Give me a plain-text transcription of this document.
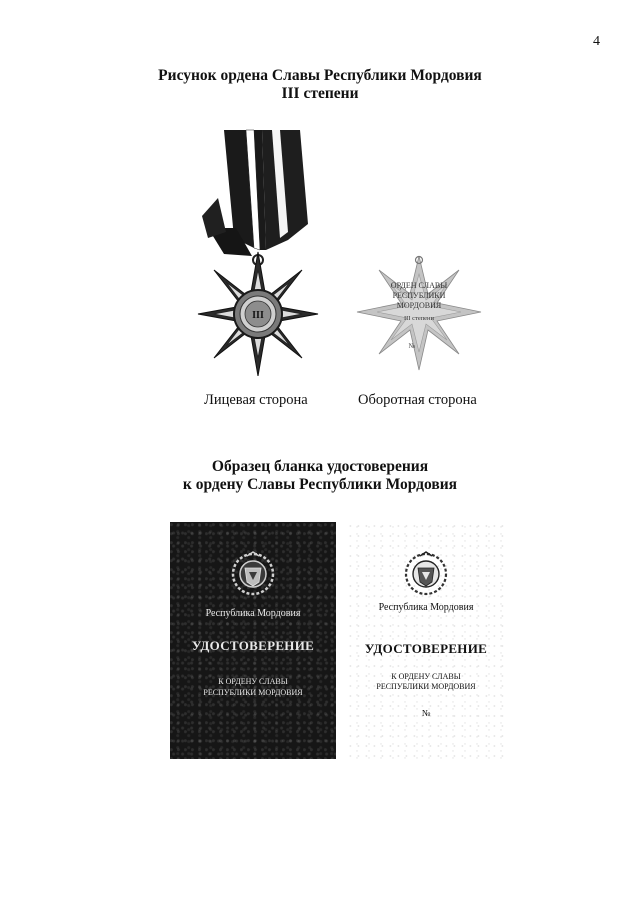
4
Рисунок ордена Славы Республики Мордовия
III степени
III
ОРДЕН СЛАВЫ
РЕСПУБЛИКИ
МОРДОВИЯ
III степени
№
Лицевая сторона	Оборотная сторона
Образец бланка удостоверения
к ордену Славы Республики Мордовия
Республика Мордовия
УДОСТОВЕРЕНИЕ
К ОРДЕНУ СЛАВЫ
РЕСПУБЛИКИ МОРДОВИЯ
Республика Мордовия
УДОСТОВЕРЕНИЕ
К ОРДЕНУ СЛАВЫ
РЕСПУБЛИКИ МОРДОВИЯ
№
